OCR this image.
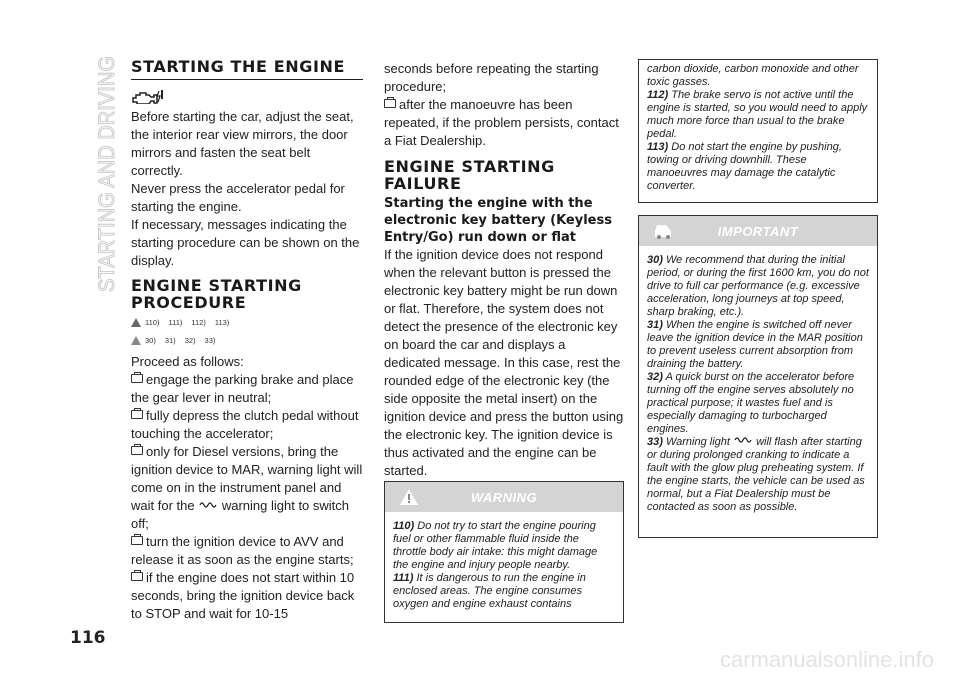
STARTING AND DRIVING
116
STARTING THE ENGINE

Before starting the car, adjust the seat, the interior rear view mirrors, the door mirrors and fasten the seat belt correctly.

Never press the accelerator pedal for starting the engine.

If necessary, messages indicating the starting procedure can be shown on the display.

ENGINE STARTING PROCEDURE
110) 111) 112) 113)
30) 31) 32) 33)

Proceed as follows:

engage the parking brake and place the gear lever in neutral;

fully depress the clutch pedal without touching the accelerator;

only for Diesel versions, bring the ignition device to MAR, warning light will come on in the instrument panel and wait for the warning light to switch off;

turn the ignition device to AVV and release it as soon as the engine starts;

if the engine does not start within 10 seconds, bring the ignition device back to STOP and wait for 10-15

seconds before repeating the starting procedure;

after the manoeuvre has been repeated, if the problem persists, contact a Fiat Dealership.

ENGINE STARTING FAILURE
Starting the engine with the electronic key battery (Keyless Entry/Go) run down or flat

If the ignition device does not respond when the relevant button is pressed the electronic key battery might be run down or flat. Therefore, the system does not detect the presence of the electronic key on board the car and displays a dedicated message. In this case, rest the rounded edge of the electronic key (the side opposite the metal insert) on the ignition device and press the button using the electronic key. The ignition device is thus activated and the engine can be started.

WARNING

110) Do not try to start the engine pouring fuel or other flammable fluid inside the throttle body air intake: this might damage the engine and injury people nearby.

111) It is dangerous to run the engine in enclosed areas. The engine consumes oxygen and engine exhaust contains

carbon dioxide, carbon monoxide and other toxic gasses.

112) The brake servo is not active until the engine is started, so you would need to apply much more force than usual to the brake pedal.

113) Do not start the engine by pushing, towing or driving downhill. These manoeuvres may damage the catalytic converter.

IMPORTANT

30) We recommend that during the initial period, or during the first 1600 km, you do not drive to full car performance (e.g. excessive acceleration, long journeys at top speed, sharp braking, etc.).

31) When the engine is switched off never leave the ignition device in the MAR position to prevent useless current absorption from draining the battery.

32) A quick burst on the accelerator before turning off the engine serves absolutely no practical purpose; it wastes fuel and is especially damaging to turbocharged engines.

33) Warning light will flash after starting or during prolonged cranking to indicate a fault with the glow plug preheating system. If the engine starts, the vehicle can be used as normal, but a Fiat Dealership must be contacted as soon as possible.

carmanualsonline.info
